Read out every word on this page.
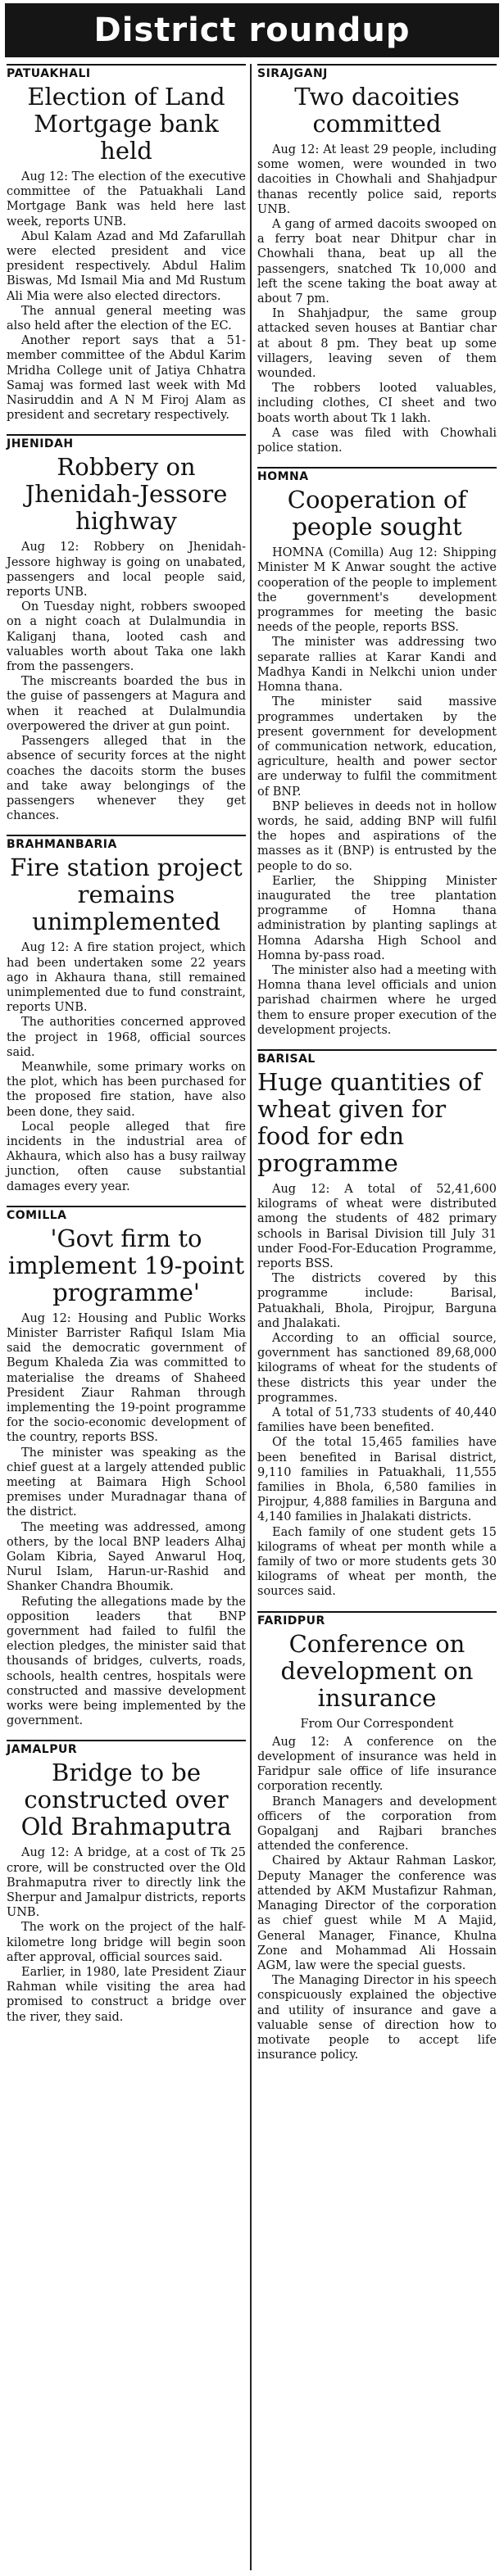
District roundup
PATUAKHALI
Election of Land Mortgage bank held

Aug 12: The election of the executive committee of the Patuakhali Land Mortgage Bank was held here last week, reports UNB.

Abul Kalam Azad and Md Zafarullah were elected president and vice president respectively. Abdul Halim Biswas, Md Ismail Mia and Md Rustum Ali Mia were also elected directors.

The annual general meeting was also held after the election of the EC.

Another report says that a 51-member committee of the Abdul Karim Mridha College unit of Jatiya Chhatra Samaj was formed last week with Md Nasiruddin and A N M Firoj Alam as president and secretary respectively.

JHENIDAH
Robbery on Jhenidah-Jessore highway

Aug 12: Robbery on Jhenidah-Jessore highway is going on unabated, passengers and local people said, reports UNB.

On Tuesday night, robbers swooped on a night coach at Dulalmundia in Kaliganj thana, looted cash and valuables worth about Taka one lakh from the passengers.

The miscreants boarded the bus in the guise of passengers at Magura and when it reached at Dulalmundia overpowered the driver at gun point.

Passengers alleged that in the absence of security forces at the night coaches the dacoits storm the buses and take away belongings of the passengers whenever they get chances.

BRAHMANBARIA
Fire station project remains unimplemented

Aug 12: A fire station project, which had been undertaken some 22 years ago in Akhaura thana, still remained unimplemented due to fund constraint, reports UNB.

The authorities concerned approved the project in 1968, official sources said.

Meanwhile, some primary works on the plot, which has been purchased for the proposed fire station, have also been done, they said.

Local people alleged that fire incidents in the industrial area of Akhaura, which also has a busy railway junction, often cause substantial damages every year.

COMILLA
'Govt firm to implement 19-point programme'

Aug 12: Housing and Public Works Minister Barrister Rafiqul Islam Mia said the democratic government of Begum Khaleda Zia was committed to materialise the dreams of Shaheed President Ziaur Rahman through implementing the 19-point programme for the socio-economic development of the country, reports BSS.

The minister was speaking as the chief guest at a largely attended public meeting at Baimara High School premises under Muradnagar thana of the district.

The meeting was addressed, among others, by the local BNP leaders Alhaj Golam Kibria, Sayed Anwarul Hoq, Nurul Islam, Harun-ur-Rashid and Shanker Chandra Bhoumik.

Refuting the allegations made by the opposition leaders that BNP government had failed to fulfil the election pledges, the minister said that thousands of bridges, culverts, roads, schools, health centres, hospitals were constructed and massive development works were being implemented by the government.

JAMALPUR
Bridge to be constructed over Old Brahmaputra

Aug 12: A bridge, at a cost of Tk 25 crore, will be constructed over the Old Brahmaputra river to directly link the Sherpur and Jamalpur districts, reports UNB.

The work on the project of the half-kilometre long bridge will begin soon after approval, official sources said.

Earlier, in 1980, late President Ziaur Rahman while visiting the area had promised to construct a bridge over the river, they said.

SIRAJGANJ
Two dacoities committed

Aug 12: At least 29 people, including some women, were wounded in two dacoities in Chowhali and Shahjadpur thanas recently police said, reports UNB.

A gang of armed dacoits swooped on a ferry boat near Dhitpur char in Chowhali thana, beat up all the passengers, snatched Tk 10,000 and left the scene taking the boat away at about 7 pm.

In Shahjadpur, the same group attacked seven houses at Bantiar char at about 8 pm. They beat up some villagers, leaving seven of them wounded.

The robbers looted valuables, including clothes, CI sheet and two boats worth about Tk 1 lakh.

A case was filed with Chowhali police station.

HOMNA
Cooperation of people sought

HOMNA (Comilla) Aug 12: Shipping Minister M K Anwar sought the active cooperation of the people to implement the government's development programmes for meeting the basic needs of the people, reports BSS.

The minister was addressing two separate rallies at Karar Kandi and Madhya Kandi in Nelkchi union under Homna thana.

The minister said massive programmes undertaken by the present government for development of communication network, education, agriculture, health and power sector are underway to fulfil the commitment of BNP.

BNP believes in deeds not in hollow words, he said, adding BNP will fulfil the hopes and aspirations of the masses as it (BNP) is entrusted by the people to do so.

Earlier, the Shipping Minister inaugurated the tree plantation programme of Homna thana administration by planting saplings at Homna Adarsha High School and Homna by-pass road.

The minister also had a meeting with Homna thana level officials and union parishad chairmen where he urged them to ensure proper execution of the development projects.

BARISAL
Huge quantities of wheat given for food for edn programme

Aug 12: A total of 52,41,600 kilograms of wheat were distributed among the students of 482 primary schools in Barisal Division till July 31 under Food-For-Education Programme, reports BSS.

The districts covered by this programme include: Barisal, Patuakhali, Bhola, Pirojpur, Barguna and Jhalakati.

According to an official source, government has sanctioned 89,68,000 kilograms of wheat for the students of these districts this year under the programmes.

A total of 51,733 students of 40,440 families have been benefited.

Of the total 15,465 families have been benefited in Barisal district, 9,110 families in Patuakhali, 11,555 families in Bhola, 6,580 families in Pirojpur, 4,888 families in Barguna and 4,140 families in Jhalakati districts.

Each family of one student gets 15 kilograms of wheat per month while a family of two or more students gets 30 kilograms of wheat per month, the sources said.

FARIDPUR
Conference on development on insurance

From Our Correspondent

Aug 12: A conference on the development of insurance was held in Faridpur sale office of life insurance corporation recently.

Branch Managers and development officers of the corporation from Gopalganj and Rajbari branches attended the conference.

Chaired by Aktaur Rahman Laskor, Deputy Manager the conference was attended by AKM Mustafizur Rahman, Managing Director of the corporation as chief guest while M A Majid, General Manager, Finance, Khulna Zone and Mohammad Ali Hossain AGM, law were the special guests.

The Managing Director in his speech conspicuously explained the objective and utility of insurance and gave a valuable sense of direction how to motivate people to accept life insurance policy.
